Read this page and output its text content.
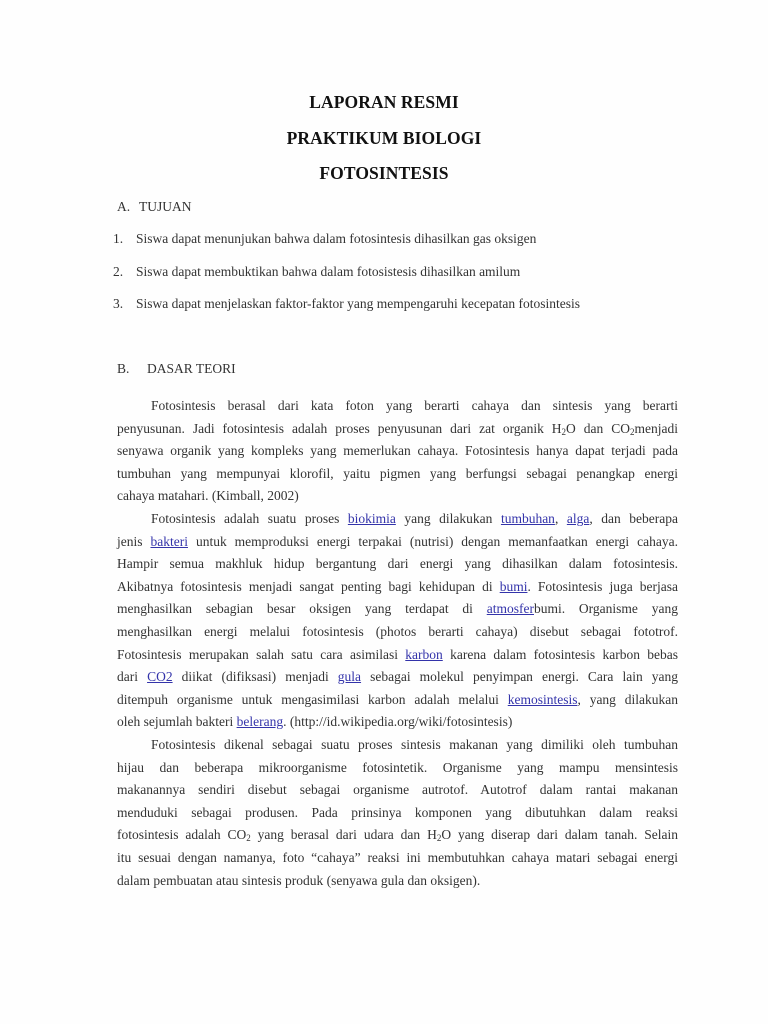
LAPORAN RESMI
PRAKTIKUM BIOLOGI
FOTOSINTESIS
A. TUJUAN
1. Siswa dapat menunjukan bahwa dalam fotosintesis dihasilkan gas oksigen
2. Siswa dapat membuktikan bahwa dalam fotosistesis dihasilkan amilum
3. Siswa dapat menjelaskan faktor-faktor yang mempengaruhi kecepatan fotosintesis
B. DASAR TEORI

Fotosintesis berasal dari kata foton yang berarti cahaya dan sintesis yang berarti
penyusunan. Jadi fotosintesis adalah proses penyusunan dari zat organik $H_2O$ dan $CO_2menjadi$
senyawa organik yang kompleks yang memerlukan cahaya. Fotosintesis hanya dapat terjadi pada
tumbuhan yang mempunyai klorofil, yaitu pigmen yang berfungsi sebagai penangkap energi
cahaya matahari. (Kimball, 2002)

Fotosintesis adalah suatu proses biokimia yang dilakukan tumbuhan, alga, dan beberapa
jenis bakteri untuk memproduksi energi terpakai (nutrisi) dengan memanfaatkan energi cahaya.
Hampir semua makhluk hidup bergantung dari energi yang dihasilkan dalam fotosintesis.
Akibatnya fotosintesis menjadi sangat penting bagi kehidupan di bumi. Fotosintesis juga berjasa
menghasilkan sebagian besar oksigen yang terdapat di atmosferbumi. Organisme yang
menghasilkan energi melalui fotosintesis (photos berarti cahaya) disebut sebagai fototrof.
Fotosintesis merupakan salah satu cara asimilasi karbon karena dalam fotosintesis karbon bebas
dari CO2 diikat (difiksasi) menjadi gula sebagai molekul penyimpan energi. Cara lain yang
ditempuh organisme untuk mengasimilasi karbon adalah melalui kemosintesis, yang dilakukan
oleh sejumlah bakteri belerang. (http://id.wikipedia.org/wiki/fotosintesis)

Fotosintesis dikenal sebagai suatu proses sintesis makanan yang dimiliki oleh tumbuhan
hijau dan beberapa mikroorganisme fotosintetik. Organisme yang mampu mensintesis
makanannya sendiri disebut sebagai organisme autrotof. Autotrof dalam rantai makanan
menduduki sebagai produsen. Pada prinsinya komponen yang dibutuhkan dalam reaksi
fotosintesis adalah $CO_2$ yang berasal dari udara dan $H_2O$ yang diserap dari dalam tanah. Selain
itu sesuai dengan namanya, foto “cahaya” reaksi ini membutuhkan cahaya matari sebagai energi
dalam pembuatan atau sintesis produk (senyawa gula dan oksigen).
